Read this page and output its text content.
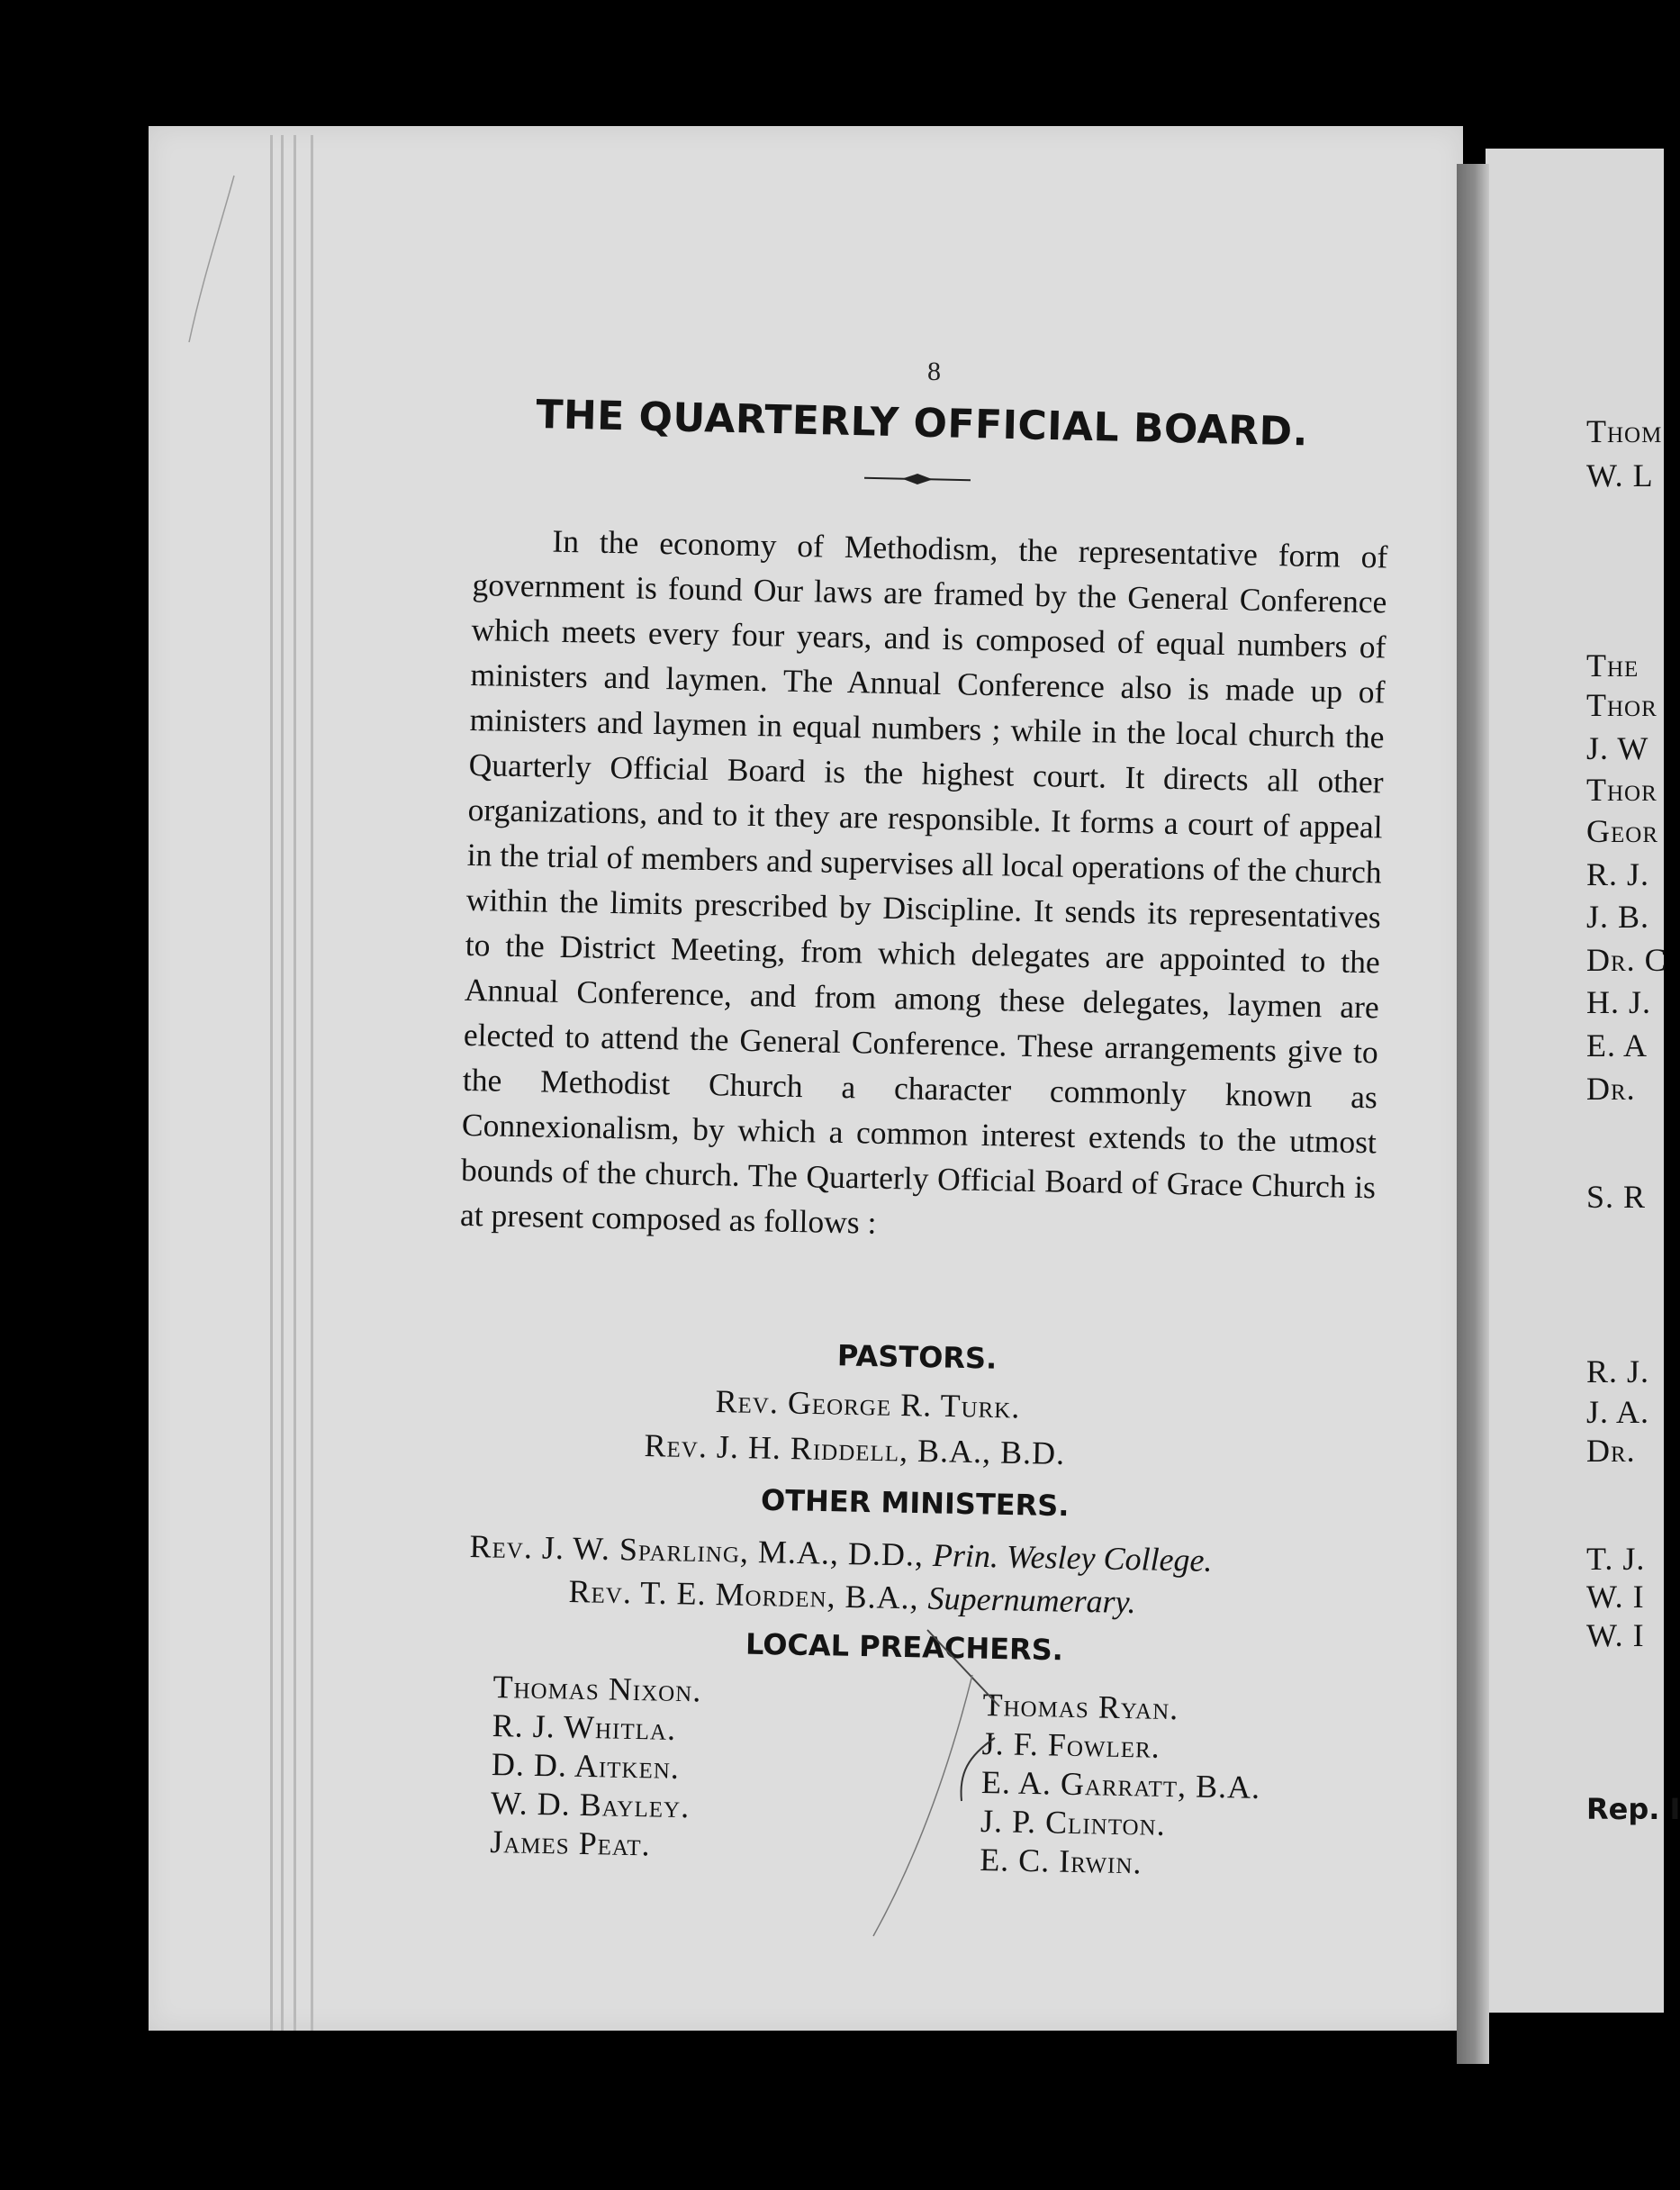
8
THE QUARTERLY OFFICIAL BOARD.

In the economy of Methodism, the representative form of government is found Our laws are framed by the General Conference which meets every four years, and is composed of equal numbers of ministers and laymen. The Annual Conference also is made up of ministers and laymen in equal numbers ; while in the local church the Quarterly Official Board is the highest court. It directs all other organizations, and to it they are responsible. It forms a court of appeal in the trial of members and supervises all local operations of the church within the limits prescribed by Discipline. It sends its representatives to the District Meeting, from which delegates are appointed to the Annual Conference, and from among these delegates, laymen are elected to attend the General Conference. These arrangements give to the Methodist Church a character commonly known as Connexionalism, by which a common interest extends to the utmost bounds of the church. The Quarterly Official Board of Grace Church is at present composed as follows :

PASTORS.
Rev. George R. Turk.
Rev. J. H. Riddell, B.A., B.D.
OTHER MINISTERS.
Rev. J. W. Sparling, M.A., D.D., Prin. Wesley College.
Rev. T. E. Morden, B.A., Supernumerary.
LOCAL PREACHERS.
Thomas Nixon.
R. J. Whitla.
D. D. Aitken.
W. D. Bayley.
James Peat.
Thomas Ryan.
J. F. Fowler.
E. A. Garratt, B.A.
J. P. Clinton.
E. C. Irwin.
Thom
W. L
The
Thor
J. W
Thor
Geor
R. J.
J. B.
Dr. C
H. J.
E. A
Dr.
S. R
R. J.
J. A.
Dr.
T. J.
W. I
W. I
Rep. I
